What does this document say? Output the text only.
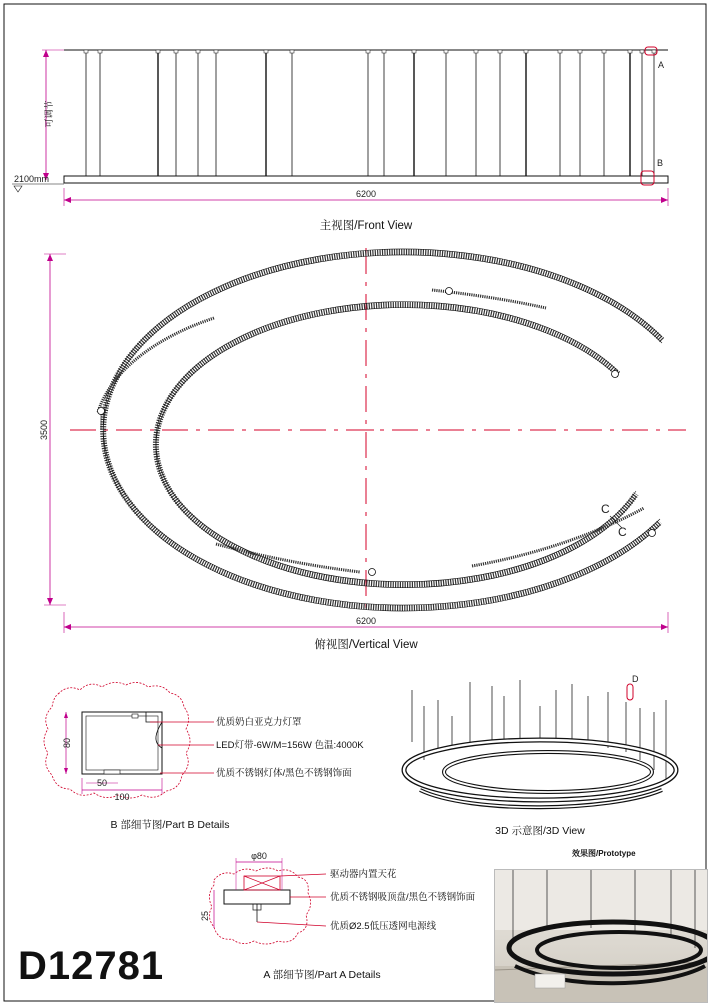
可调节
2100mm
6200
A
B
主视图/Front View
3500
6200
C
C
俯视图/Vertical View
80
100
50
优质奶白亚克力灯罩
LED灯带-6W/M=156W 色温:4000K
优质不锈钢灯体/黑色不锈钢饰面
B 部细节图/Part B Details
D
3D 示意图/3D View
φ80
25
驱动器内置天花
优质不锈钢吸顶盘/黑色不锈钢饰面
优质Ø2.5低压透网电源线
A 部细节图/Part A Details
D12781
效果图/Prototype
